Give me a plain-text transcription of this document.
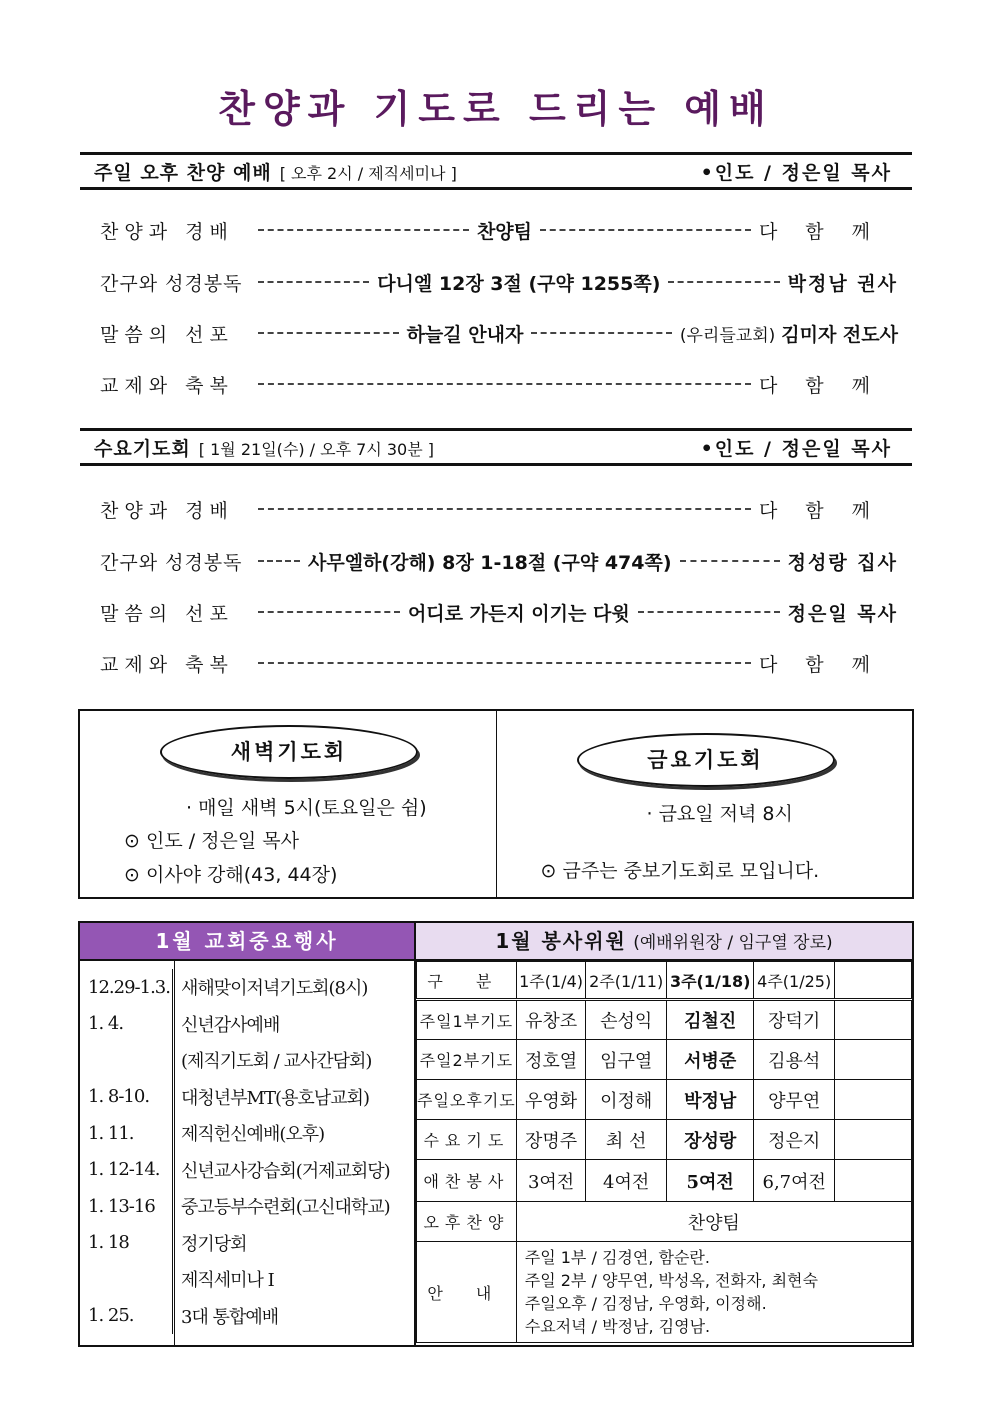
찬양과 기도로 드리는 예배
주일 오후 찬양 예배 [ 오후 2시 / 제직세미나 ]	•인도 / 정은일 목사
찬양과 경배	찬양팀	다함께
간구와 성경봉독	다니엘 12장 3절 (구약 1255쪽)	박정남 권사
말씀의 선포	하늘길 안내자	(우리들교회) 김미자 전도사
교제와 축복	다함께
수요기도회 [ 1월 21일(수) / 오후 7시 30분 ]	•인도 / 정은일 목사
찬양과 경배	다함께
간구와 성경봉독	사무엘하(강해) 8장 1-18절 (구약 474쪽)	정성랑 집사
말씀의 선포	어디로 가든지 이기는 다윗	정은일 목사
교제와 축복	다함께
새벽기도회

· 매일 새벽 5시(토요일은 쉼)

⊙ 인도 / 정은일 목사

⊙ 이사야 강해(43, 44장)

금요기도회

· 금요일 저녁 8시

⊙ 금주는 중보기도회로 모입니다.

1월 교회중요행사
12.29-1.3.	새해맞이저녁기도회(8시)
1. 4.	신년감사예배
	(제직기도회 / 교사간담회)
1. 8-10.	대청년부MT(용호남교회)
1. 11.	제직헌신예배(오후)
1. 12-14.	신년교사강습회(거제교회당)
1. 13-16	중고등부수련회(고신대학교)
1. 18	정기당회
	제직세미나 I
1. 25.	3대 통합예배
1월 봉사위원 (예배위원장 / 임구열 장로)
구 분	1주(1/4)	2주(1/11)	3주(1/18)	4주(1/25)	
주일1부기도	유창조	손성익	김철진	장덕기	
주일2부기도	정호열	임구열	서병준	김용석	
주일오후기도	우영화	이정해	박정남	양무연	
수요기도	장명주	최 선	장성랑	정은지	
애찬봉사	3여전	4여전	5여전	6,7여전	
오후찬양	찬양팀				
안 내	주일 1부 / 김경연, 함순란.
주일 2부 / 양무연, 박성옥, 전화자, 최현숙
주일오후 / 김정남, 우영화, 이정해.
수요저녁 / 박정남, 김영남.				
